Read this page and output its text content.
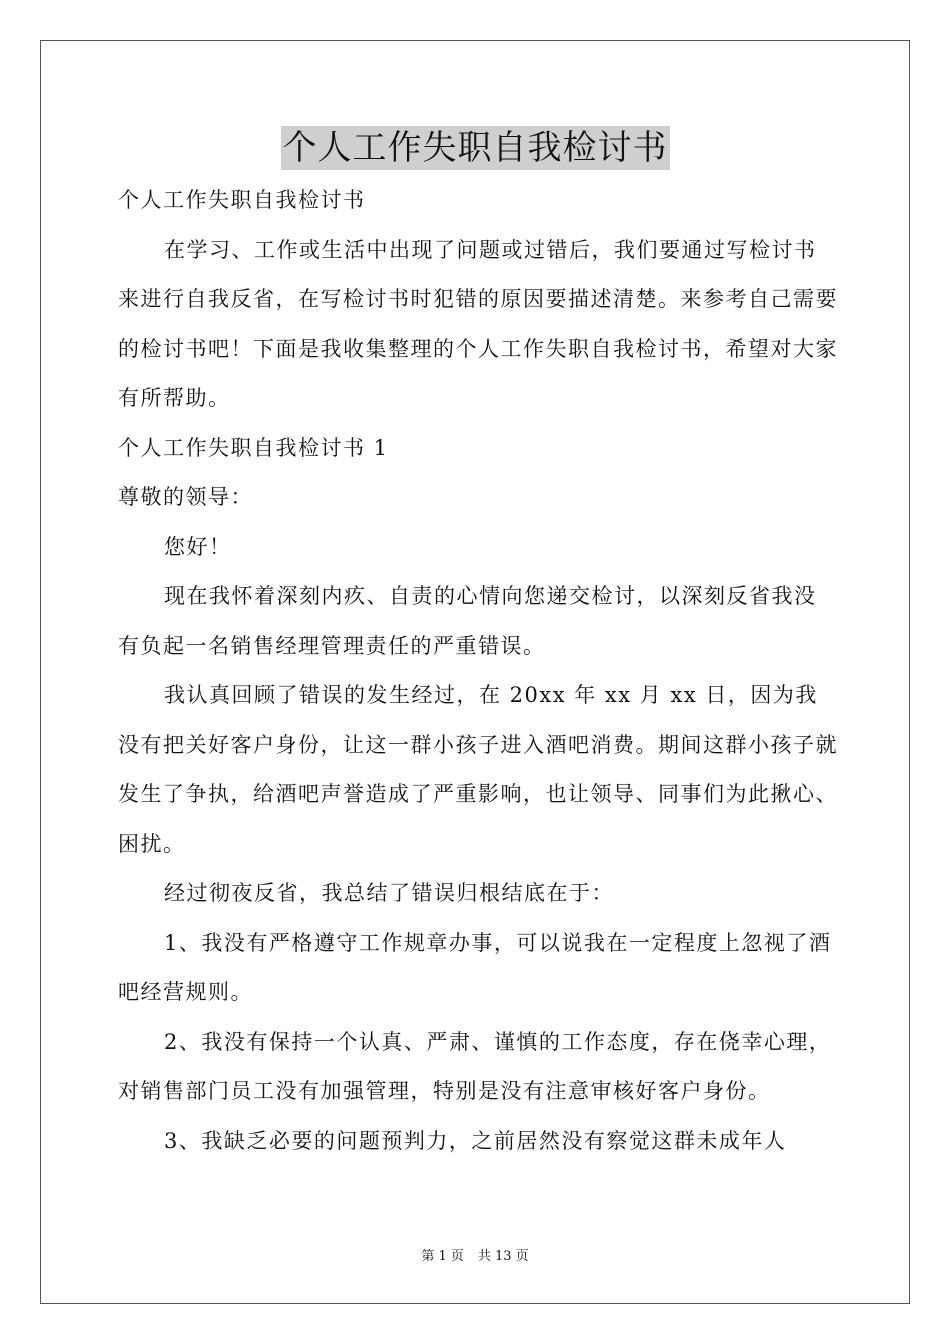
个人工作失职自我检讨书

个人工作失职自我检讨书

在学习、工作或生活中出现了问题或过错后，我们要通过写检讨书来进行自我反省，在写检讨书时犯错的原因要描述清楚。来参考自己需要的检讨书吧！下面是我收集整理的个人工作失职自我检讨书，希望对大家有所帮助。

个人工作失职自我检讨书 1

尊敬的领导：

您好！

现在我怀着深刻内疚、自责的心情向您递交检讨，以深刻反省我没有负起一名销售经理管理责任的严重错误。

我认真回顾了错误的发生经过，在 20xx 年 xx 月 xx 日，因为我没有把关好客户身份，让这一群小孩子进入酒吧消费。期间这群小孩子就发生了争执，给酒吧声誉造成了严重影响，也让领导、同事们为此揪心、困扰。

经过彻夜反省，我总结了错误归根结底在于：

1、我没有严格遵守工作规章办事，可以说我在一定程度上忽视了酒吧经营规则。

2、我没有保持一个认真、严肃、谨慎的工作态度，存在侥幸心理，对销售部门员工没有加强管理，特别是没有注意审核好客户身份。

3、我缺乏必要的问题预判力，之前居然没有察觉这群未成年人

第 1 页 共 13 页
